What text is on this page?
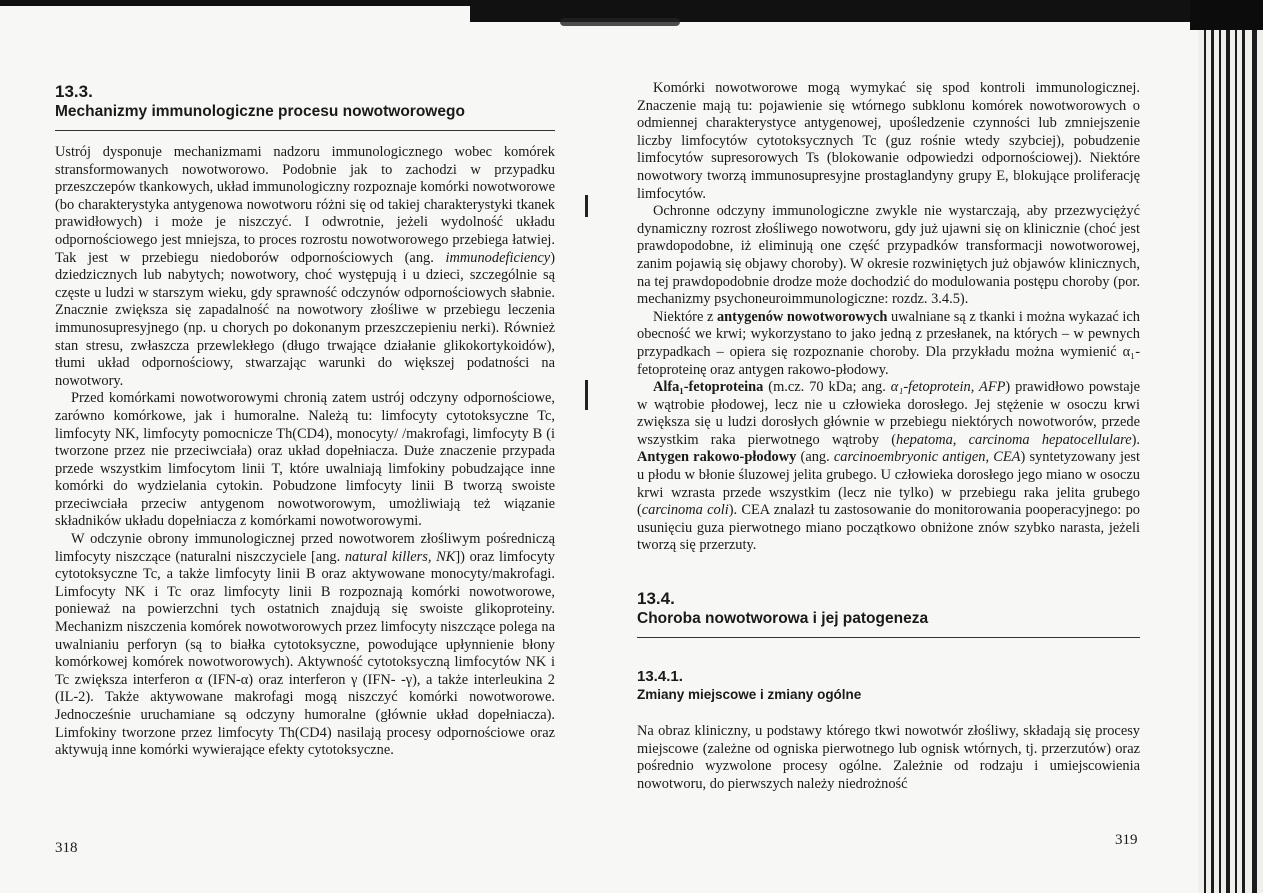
13.3.
Mechanizmy immunologiczne procesu nowotworowego

Ustrój dysponuje mechanizmami nadzoru immunologicznego wobec komórek stransformowanych nowotworowo. Podobnie jak to zachodzi w przypadku przeszczepów tkankowych, układ immunologiczny rozpoznaje komórki nowotworowe (bo charakterystyka antygenowa nowotworu różni się od takiej charakterystyki tkanek prawidłowych) i może je niszczyć. I odwrotnie, jeżeli wydolność układu odpornościowego jest mniejsza, to proces rozrostu nowotworowego przebiega łatwiej. Tak jest w przebiegu niedoborów odpornościowych (ang. immunodeficiency) dziedzicznych lub nabytych; nowotwory, choć występują i u dzieci, szczególnie są częste u ludzi w starszym wieku, gdy sprawność odczynów odpornościowych słabnie. Znacznie zwiększa się zapadalność na nowotwory złośliwe w przebiegu leczenia immunosupresyjnego (np. u chorych po dokonanym przeszczepieniu nerki). Również stan stresu, zwłaszcza przewlekłego (długo trwające działanie glikokortykoidów), tłumi układ odpornościowy, stwarzając warunki do większej podatności na nowotwory.

Przed komórkami nowotworowymi chronią zatem ustrój odczyny odpornościowe, zarówno komórkowe, jak i humoralne. Należą tu: limfocyty cytotoksyczne Tc, limfocyty NK, limfocyty pomocnicze Th(CD4), monocyty/ /makrofagi, limfocyty B (i tworzone przez nie przeciwciała) oraz układ dopełniacza. Duże znaczenie przypada przede wszystkim limfocytom linii T, które uwalniają limfokiny pobudzające inne komórki do wydzielania cytokin. Pobudzone limfocyty linii B tworzą swoiste przeciwciała przeciw antygenom nowotworowym, umożliwiają też wiązanie składników układu dopełniacza z komórkami nowotworowymi.

W odczynie obrony immunologicznej przed nowotworem złośliwym pośredniczą limfocyty niszczące (naturalni niszczyciele [ang. natural killers, NK]) oraz limfocyty cytotoksyczne Tc, a także limfocyty linii B oraz aktywowane monocyty/makrofagi. Limfocyty NK i Tc oraz limfocyty linii B rozpoznają komórki nowotworowe, ponieważ na powierzchni tych ostatnich znajdują się swoiste glikoproteiny. Mechanizm niszczenia komórek nowotworowych przez limfocyty niszczące polega na uwalnianiu perforyn (są to białka cytotoksyczne, powodujące upłynnienie błony komórkowej komórek nowotworowych). Aktywność cytotoksyczną limfocytów NK i Tc zwiększa interferon α (IFN-α) oraz interferon γ (IFN- -γ), a także interleukina 2 (IL-2). Także aktywowane makrofagi mogą niszczyć komórki nowotworowe. Jednocześnie uruchamiane są odczyny humoralne (głównie układ dopełniacza). Limfokiny tworzone przez limfocyty Th(CD4) nasilają procesy odpornościowe oraz aktywują inne komórki wywierające efekty cytotoksyczne.

318

Komórki nowotworowe mogą wymykać się spod kontroli immunologicznej. Znaczenie mają tu: pojawienie się wtórnego subklonu komórek nowotworowych o odmiennej charakterystyce antygenowej, upośledzenie czynności lub zmniejszenie liczby limfocytów cytotoksycznych Tc (guz rośnie wtedy szybciej), pobudzenie limfocytów supresorowych Ts (blokowanie odpowiedzi odpornościowej). Niektóre nowotwory tworzą immunosupresyjne prostaglandyny grupy E, blokujące proliferację limfocytów.

Ochronne odczyny immunologiczne zwykle nie wystarczają, aby przezwyciężyć dynamiczny rozrost złośliwego nowotworu, gdy już ujawni się on klinicznie (choć jest prawdopodobne, iż eliminują one część przypadków transformacji nowotworowej, zanim pojawią się objawy choroby). W okresie rozwiniętych już objawów klinicznych, na tej prawdopodobnie drodze może dochodzić do modulowania postępu choroby (por. mechanizmy psychoneuroimmunologiczne: rozdz. 3.4.5).

Niektóre z antygenów nowotworowych uwalniane są z tkanki i można wykazać ich obecność we krwi; wykorzystano to jako jedną z przesłanek, na których – w pewnych przypadkach – opiera się rozpoznanie choroby. Dla przykładu można wymienić α₁-fetoproteinę oraz antygen rakowo-płodowy.

Alfa₁-fetoproteina (m.cz. 70 kDa; ang. α₁-fetoprotein, AFP) prawidłowo powstaje w wątrobie płodowej, lecz nie u człowieka dorosłego. Jej stężenie w osoczu krwi zwiększa się u ludzi dorosłych głównie w przebiegu niektórych nowotworów, przede wszystkim raka pierwotnego wątroby (hepatoma, carcinoma hepatocellulare). Antygen rakowo-płodowy (ang. carcinoembryonic antigen, CEA) syntetyzowany jest u płodu w błonie śluzowej jelita grubego. U człowieka dorosłego jego miano w osoczu krwi wzrasta przede wszystkim (lecz nie tylko) w przebiegu raka jelita grubego (carcinoma coli). CEA znalazł tu zastosowanie do monitorowania pooperacyjnego: po usunięciu guza pierwotnego miano początkowo obniżone znów szybko narasta, jeżeli tworzą się przerzuty.

13.4.
Choroba nowotworowa i jej patogeneza
13.4.1.
Zmiany miejscowe i zmiany ogólne

Na obraz kliniczny, u podstawy którego tkwi nowotwór złośliwy, składają się procesy miejscowe (zależne od ogniska pierwotnego lub ognisk wtórnych, tj. przerzutów) oraz pośrednio wyzwolone procesy ogólne. Zależnie od rodzaju i umiejscowienia nowotworu, do pierwszych należy niedrożność

319
